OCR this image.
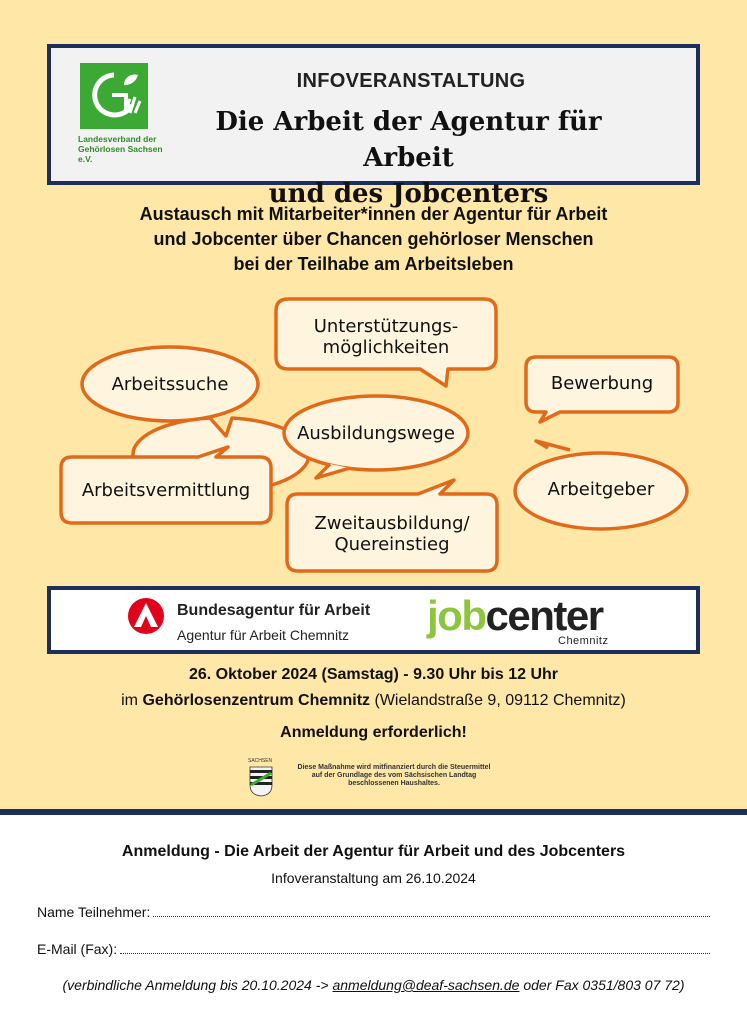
Landesverband der Gehörlosen Sachsen e.V.
INFOVERANSTALTUNG
Die Arbeit der Agentur für Arbeit
und des Jobcenters
Austausch mit Mitarbeiter*innen der Agentur für Arbeit
und Jobcenter über Chancen gehörloser Menschen
bei der Teilhabe am Arbeitsleben
Unterstützungs-
möglichkeiten
Arbeitssuche	Bewerbung
Ausbildungswege
Arbeitsvermittlung	Arbeitgeber
Zweitausbildung/
Quereinstieg
Bundesagentur für Arbeit
Agentur für Arbeit Chemnitz jobcenter
Chemnitz
26. Oktober 2024 (Samstag) - 9.30 Uhr bis 12 Uhr
im Gehörlosenzentrum Chemnitz (Wielandstraße 9, 09112 Chemnitz)
Anmeldung erforderlich!
SACHSEN
Diese Maßnahme wird mitfinanziert durch die Steuermittel
auf der Grundlage des vom Sächsischen Landtag
beschlossenen Haushaltes.
Anmeldung - Die Arbeit der Agentur für Arbeit und des Jobcenters
Infoveranstaltung am 26.10.2024
Name Teilnehmer:
E-Mail (Fax):
(verbindliche Anmeldung bis 20.10.2024 -> anmeldung@deaf-sachsen.de oder Fax 0351/803 07 72)
